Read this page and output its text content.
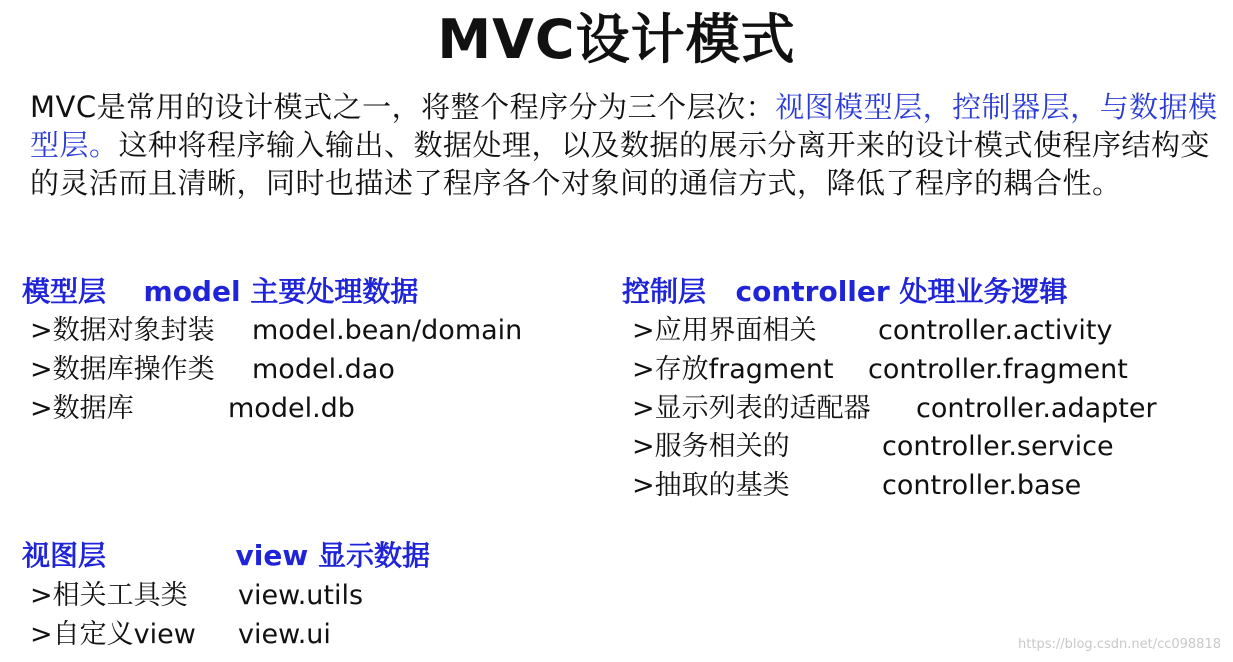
MVC设计模式
MVC是常用的设计模式之一，将整个程序分为三个层次：视图模型层，控制器层，与数据模型层。这种将程序输入输出、数据处理，以及数据的展示分离开来的设计模式使程序结构变的灵活而且清晰，同时也描述了程序各个对象间的通信方式，降低了程序的耦合性。
模型层 model 主要处理数据
>数据对象封装 model.bean/domain
>数据库操作类 model.dao
>数据库	model.db
控制层 controller 处理业务逻辑
>应用界面相关 controller.activity
>存放fragment controller.fragment
>显示列表的适配器 controller.adapter
>服务相关的	controller.service
>抽取的基类	controller.base
视图层	view 显示数据
>相关工具类 view.utils
>自定义view view.ui	https://blog.csdn.net/cc098818
